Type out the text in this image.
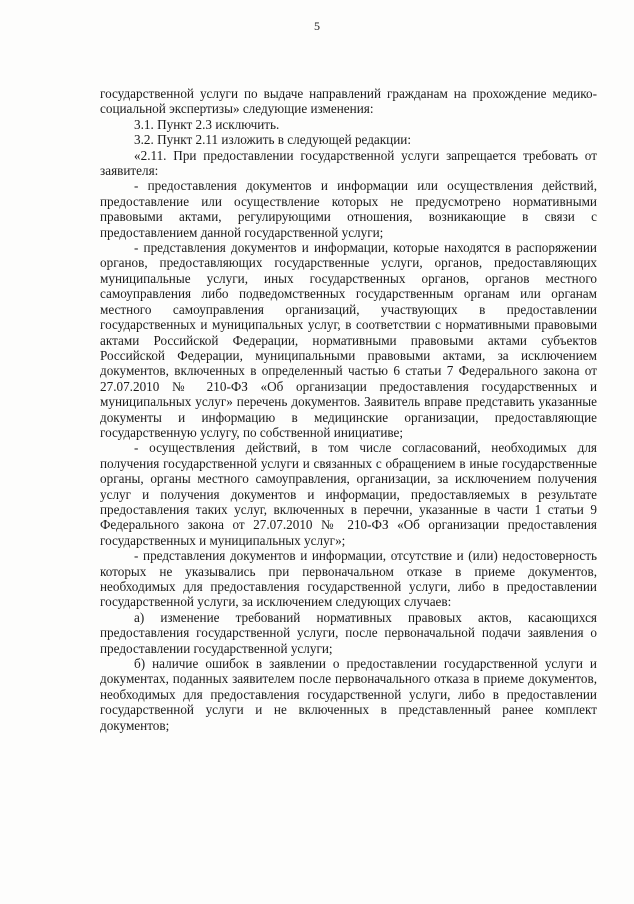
5

государственной услуги по выдаче направлений гражданам на прохождение медико-социальной экспертизы» следующие изменения:

3.1. Пункт 2.3 исключить.

3.2. Пункт 2.11 изложить в следующей редакции:

«2.11. При предоставлении государственной услуги запрещается требовать от заявителя:

- предоставления документов и информации или осуществления действий, предоставление или осуществление которых не предусмотрено нормативными правовыми актами, регулирующими отношения, возникающие в связи с предоставлением данной государственной услуги;

- представления документов и информации, которые находятся в распоряжении органов, предоставляющих государственные услуги, органов, предоставляющих муниципальные услуги, иных государственных органов, органов местного самоуправления либо подведомственных государственным органам или органам местного самоуправления организаций, участвующих в предоставлении государственных и муниципальных услуг, в соответствии с нормативными правовыми актами Российской Федерации, нормативными правовыми актами субъектов Российской Федерации, муниципальными правовыми актами, за исключением документов, включенных в определенный частью 6 статьи 7 Федерального закона от 27.07.2010 № 210-ФЗ «Об организации предоставления государственных и муниципальных услуг» перечень документов. Заявитель вправе представить указанные документы и информацию в медицинские организации, предоставляющие государственную услугу, по собственной инициативе;

- осуществления действий, в том числе согласований, необходимых для получения государственной услуги и связанных с обращением в иные государственные органы, органы местного самоуправления, организации, за исключением получения услуг и получения документов и информации, предоставляемых в результате предоставления таких услуг, включенных в перечни, указанные в части 1 статьи 9 Федерального закона от 27.07.2010 № 210-ФЗ «Об организации предоставления государственных и муниципальных услуг»;

- представления документов и информации, отсутствие и (или) недостоверность которых не указывались при первоначальном отказе в приеме документов, необходимых для предоставления государственной услуги, либо в предоставлении государственной услуги, за исключением следующих случаев:

а) изменение требований нормативных правовых актов, касающихся предоставления государственной услуги, после первоначальной подачи заявления о предоставлении государственной услуги;

б) наличие ошибок в заявлении о предоставлении государственной услуги и документах, поданных заявителем после первоначального отказа в приеме документов, необходимых для предоставления государственной услуги, либо в предоставлении государственной услуги и не включенных в представленный ранее комплект документов;
